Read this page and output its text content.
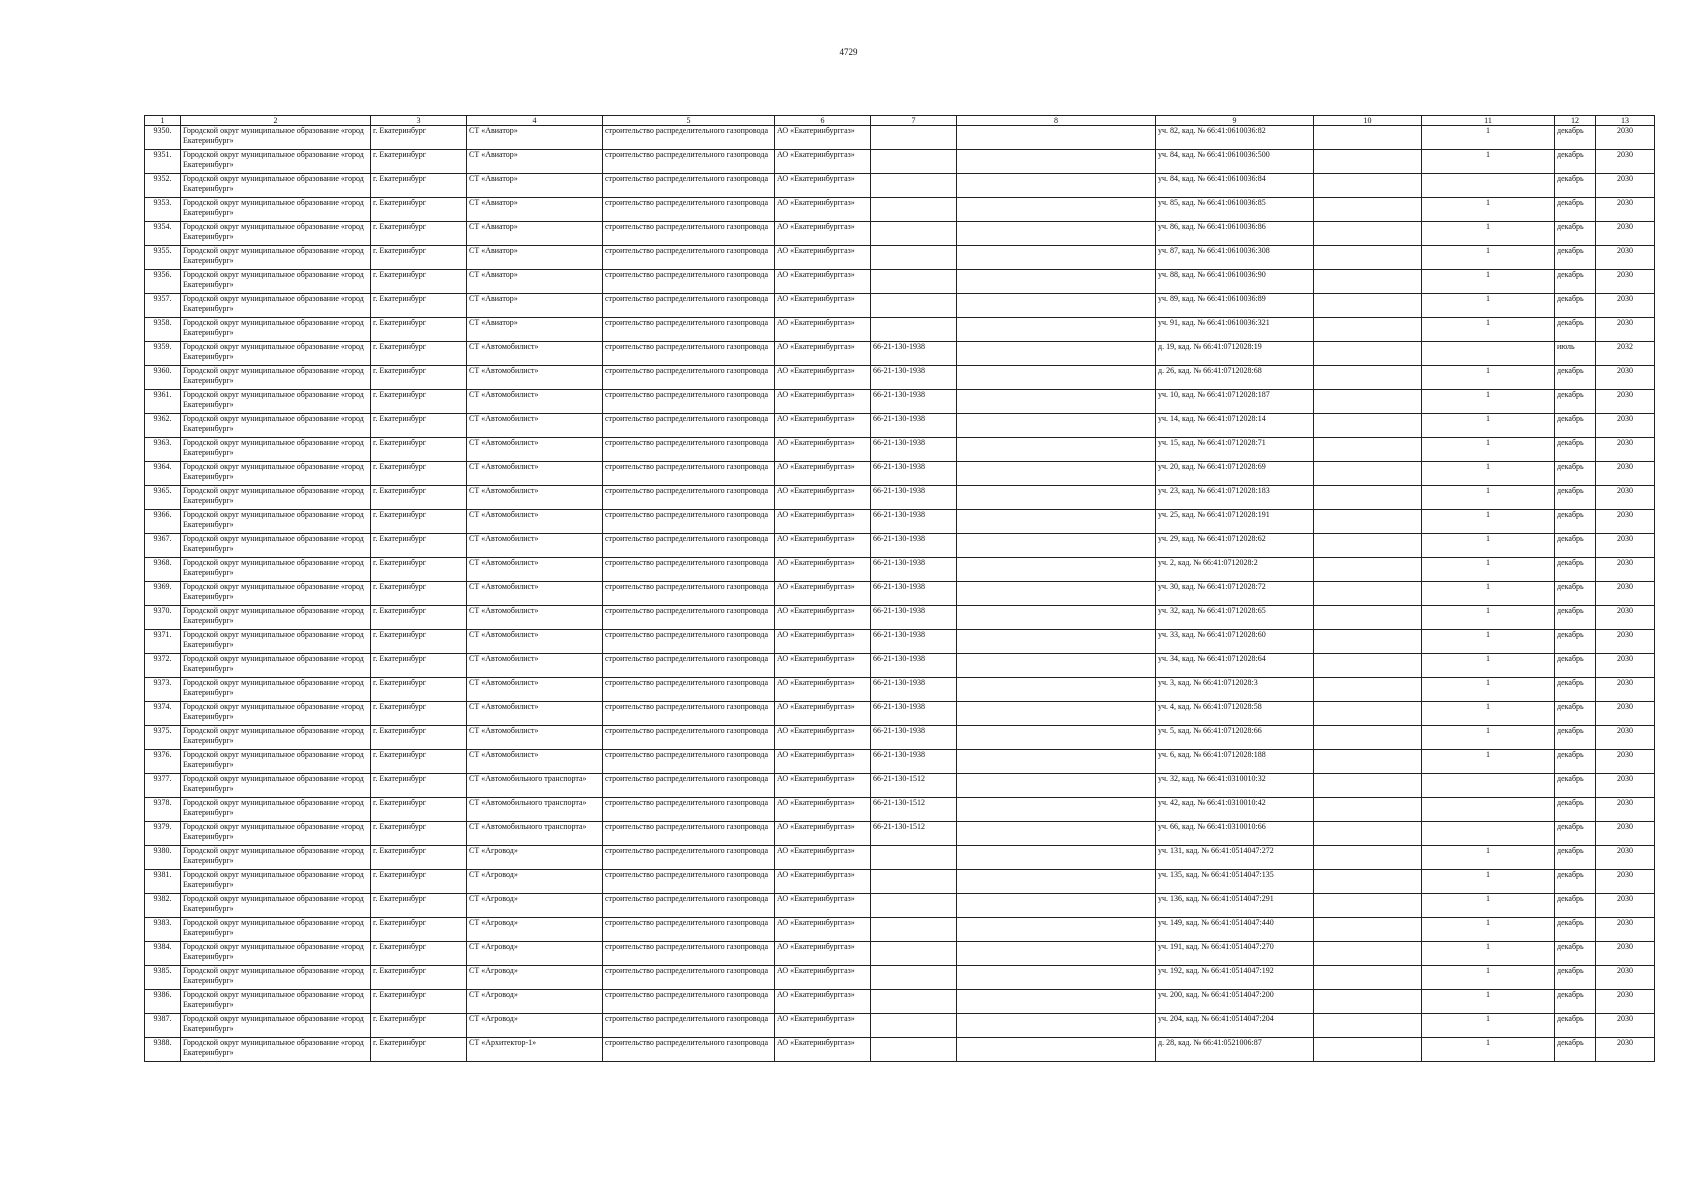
4729
1	2	3	4	5	6	7	8	9	10	11	12	13
9350.	Городской округ муниципальное образование «город Екатеринбург»	г. Екатеринбург	СТ «Авиатор»	строительство распределительного газопровода	АО «Екатеринбурггаз»			уч. 82, кад. № 66:41:0610036:82		1	декабрь	2030
9351.	Городской округ муниципальное образование «город Екатеринбург»	г. Екатеринбург	СТ «Авиатор»	строительство распределительного газопровода	АО «Екатеринбурггаз»			уч. 84, кад. № 66:41:0610036:500		1	декабрь	2030
9352.	Городской округ муниципальное образование «город Екатеринбург»	г. Екатеринбург	СТ «Авиатор»	строительство распределительного газопровода	АО «Екатеринбурггаз»			уч. 84, кад. № 66:41:0610036:84			декабрь	2030
9353.	Городской округ муниципальное образование «город Екатеринбург»	г. Екатеринбург	СТ «Авиатор»	строительство распределительного газопровода	АО «Екатеринбурггаз»			уч. 85, кад. № 66:41:0610036:85		1	декабрь	2030
9354.	Городской округ муниципальное образование «город Екатеринбург»	г. Екатеринбург	СТ «Авиатор»	строительство распределительного газопровода	АО «Екатеринбурггаз»			уч. 86, кад. № 66:41:0610036:86		1	декабрь	2030
9355.	Городской округ муниципальное образование «город Екатеринбург»	г. Екатеринбург	СТ «Авиатор»	строительство распределительного газопровода	АО «Екатеринбурггаз»			уч. 87, кад. № 66:41:0610036:308		1	декабрь	2030
9356.	Городской округ муниципальное образование «город Екатеринбург»	г. Екатеринбург	СТ «Авиатор»	строительство распределительного газопровода	АО «Екатеринбурггаз»			уч. 88, кад. № 66:41:0610036:90		1	декабрь	2030
9357.	Городской округ муниципальное образование «город Екатеринбург»	г. Екатеринбург	СТ «Авиатор»	строительство распределительного газопровода	АО «Екатеринбурггаз»			уч. 89, кад. № 66:41:0610036:89		1	декабрь	2030
9358.	Городской округ муниципальное образование «город Екатеринбург»	г. Екатеринбург	СТ «Авиатор»	строительство распределительного газопровода	АО «Екатеринбурггаз»			уч. 91, кад. № 66:41:0610036:321		1	декабрь	2030
9359.	Городской округ муниципальное образование «город Екатеринбург»	г. Екатеринбург	СТ «Автомобилист»	строительство распределительного газопровода	АО «Екатеринбурггаз»	66-21-130-1938		д. 19, кад. № 66:41:0712028:19			июль	2032
9360.	Городской округ муниципальное образование «город Екатеринбург»	г. Екатеринбург	СТ «Автомобилист»	строительство распределительного газопровода	АО «Екатеринбурггаз»	66-21-130-1938		д. 26, кад. № 66:41:0712028:68		1	декабрь	2030
9361.	Городской округ муниципальное образование «город Екатеринбург»	г. Екатеринбург	СТ «Автомобилист»	строительство распределительного газопровода	АО «Екатеринбурггаз»	66-21-130-1938		уч. 10, кад. № 66:41:0712028:187		1	декабрь	2030
9362.	Городской округ муниципальное образование «город Екатеринбург»	г. Екатеринбург	СТ «Автомобилист»	строительство распределительного газопровода	АО «Екатеринбурггаз»	66-21-130-1938		уч. 14, кад. № 66:41:0712028:14		1	декабрь	2030
9363.	Городской округ муниципальное образование «город Екатеринбург»	г. Екатеринбург	СТ «Автомобилист»	строительство распределительного газопровода	АО «Екатеринбурггаз»	66-21-130-1938		уч. 15, кад. № 66:41:0712028:71		1	декабрь	2030
9364.	Городской округ муниципальное образование «город Екатеринбург»	г. Екатеринбург	СТ «Автомобилист»	строительство распределительного газопровода	АО «Екатеринбурггаз»	66-21-130-1938		уч. 20, кад. № 66:41:0712028:69		1	декабрь	2030
9365.	Городской округ муниципальное образование «город Екатеринбург»	г. Екатеринбург	СТ «Автомобилист»	строительство распределительного газопровода	АО «Екатеринбурггаз»	66-21-130-1938		уч. 23, кад. № 66:41:0712028:183		1	декабрь	2030
9366.	Городской округ муниципальное образование «город Екатеринбург»	г. Екатеринбург	СТ «Автомобилист»	строительство распределительного газопровода	АО «Екатеринбурггаз»	66-21-130-1938		уч. 25, кад. № 66:41:0712028:191		1	декабрь	2030
9367.	Городской округ муниципальное образование «город Екатеринбург»	г. Екатеринбург	СТ «Автомобилист»	строительство распределительного газопровода	АО «Екатеринбурггаз»	66-21-130-1938		уч. 29, кад. № 66:41:0712028:62		1	декабрь	2030
9368.	Городской округ муниципальное образование «город Екатеринбург»	г. Екатеринбург	СТ «Автомобилист»	строительство распределительного газопровода	АО «Екатеринбурггаз»	66-21-130-1938		уч. 2, кад. № 66:41:0712028:2		1	декабрь	2030
9369.	Городской округ муниципальное образование «город Екатеринбург»	г. Екатеринбург	СТ «Автомобилист»	строительство распределительного газопровода	АО «Екатеринбурггаз»	66-21-130-1938		уч. 30, кад. № 66:41:0712028:72		1	декабрь	2030
9370.	Городской округ муниципальное образование «город Екатеринбург»	г. Екатеринбург	СТ «Автомобилист»	строительство распределительного газопровода	АО «Екатеринбурггаз»	66-21-130-1938		уч. 32, кад. № 66:41:0712028:65		1	декабрь	2030
9371.	Городской округ муниципальное образование «город Екатеринбург»	г. Екатеринбург	СТ «Автомобилист»	строительство распределительного газопровода	АО «Екатеринбурггаз»	66-21-130-1938		уч. 33, кад. № 66:41:0712028:60		1	декабрь	2030
9372.	Городской округ муниципальное образование «город Екатеринбург»	г. Екатеринбург	СТ «Автомобилист»	строительство распределительного газопровода	АО «Екатеринбурггаз»	66-21-130-1938		уч. 34, кад. № 66:41:0712028:64		1	декабрь	2030
9373.	Городской округ муниципальное образование «город Екатеринбург»	г. Екатеринбург	СТ «Автомобилист»	строительство распределительного газопровода	АО «Екатеринбурггаз»	66-21-130-1938		уч. 3, кад. № 66:41:0712028:3		1	декабрь	2030
9374.	Городской округ муниципальное образование «город Екатеринбург»	г. Екатеринбург	СТ «Автомобилист»	строительство распределительного газопровода	АО «Екатеринбурггаз»	66-21-130-1938		уч. 4, кад. № 66:41:0712028:58		1	декабрь	2030
9375.	Городской округ муниципальное образование «город Екатеринбург»	г. Екатеринбург	СТ «Автомобилист»	строительство распределительного газопровода	АО «Екатеринбурггаз»	66-21-130-1938		уч. 5, кад. № 66:41:0712028:66		1	декабрь	2030
9376.	Городской округ муниципальное образование «город Екатеринбург»	г. Екатеринбург	СТ «Автомобилист»	строительство распределительного газопровода	АО «Екатеринбурггаз»	66-21-130-1938		уч. 6, кад. № 66:41:0712028:188		1	декабрь	2030
9377.	Городской округ муниципальное образование «город Екатеринбург»	г. Екатеринбург	СТ «Автомобильного транспорта»	строительство распределительного газопровода	АО «Екатеринбурггаз»	66-21-130-1512		уч. 32, кад. № 66:41:0310010:32			декабрь	2030
9378.	Городской округ муниципальное образование «город Екатеринбург»	г. Екатеринбург	СТ «Автомобильного транспорта»	строительство распределительного газопровода	АО «Екатеринбурггаз»	66-21-130-1512		уч. 42, кад. № 66:41:0310010:42			декабрь	2030
9379.	Городской округ муниципальное образование «город Екатеринбург»	г. Екатеринбург	СТ «Автомобильного транспорта»	строительство распределительного газопровода	АО «Екатеринбурггаз»	66-21-130-1512		уч. 66, кад. № 66:41:0310010:66			декабрь	2030
9380.	Городской округ муниципальное образование «город Екатеринбург»	г. Екатеринбург	СТ «Агровод»	строительство распределительного газопровода	АО «Екатеринбурггаз»			уч. 131, кад. № 66:41:0514047:272		1	декабрь	2030
9381.	Городской округ муниципальное образование «город Екатеринбург»	г. Екатеринбург	СТ «Агровод»	строительство распределительного газопровода	АО «Екатеринбурггаз»			уч. 135, кад. № 66:41:0514047:135		1	декабрь	2030
9382.	Городской округ муниципальное образование «город Екатеринбург»	г. Екатеринбург	СТ «Агровод»	строительство распределительного газопровода	АО «Екатеринбурггаз»			уч. 136, кад. № 66:41:0514047:291		1	декабрь	2030
9383.	Городской округ муниципальное образование «город Екатеринбург»	г. Екатеринбург	СТ «Агровод»	строительство распределительного газопровода	АО «Екатеринбурггаз»			уч. 149, кад. № 66:41:0514047:440		1	декабрь	2030
9384.	Городской округ муниципальное образование «город Екатеринбург»	г. Екатеринбург	СТ «Агровод»	строительство распределительного газопровода	АО «Екатеринбурггаз»			уч. 191, кад. № 66:41:0514047:270		1	декабрь	2030
9385.	Городской округ муниципальное образование «город Екатеринбург»	г. Екатеринбург	СТ «Агровод»	строительство распределительного газопровода	АО «Екатеринбурггаз»			уч. 192, кад. № 66:41:0514047:192		1	декабрь	2030
9386.	Городской округ муниципальное образование «город Екатеринбург»	г. Екатеринбург	СТ «Агровод»	строительство распределительного газопровода	АО «Екатеринбурггаз»			уч. 200, кад. № 66:41:0514047:200		1	декабрь	2030
9387.	Городской округ муниципальное образование «город Екатеринбург»	г. Екатеринбург	СТ «Агровод»	строительство распределительного газопровода	АО «Екатеринбурггаз»			уч. 204, кад. № 66:41:0514047:204		1	декабрь	2030
9388.	Городской округ муниципальное образование «город Екатеринбург»	г. Екатеринбург	СТ «Архитектор-1»	строительство распределительного газопровода	АО «Екатеринбурггаз»			д. 28, кад. № 66:41:0521006:87		1	декабрь	2030
